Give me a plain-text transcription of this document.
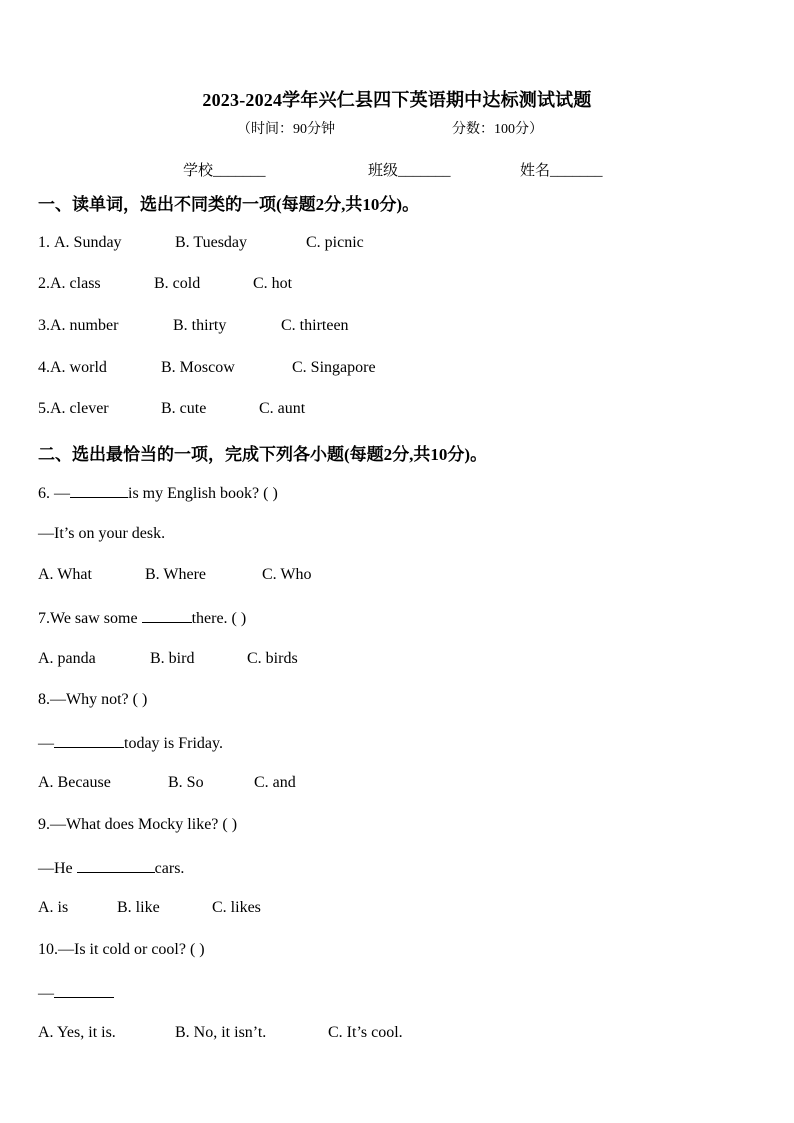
2023-2024学年兴仁县四下英语期中达标测试试题
（时间：90分钟	分数：100分）
学校_______	班级_______	姓名_______
一、读单词，选出不同类的一项(每题2分,共10分)。
1. A. Sunday	B. Tuesday	C. picnic
2.A. class	B. cold	C. hot
3.A. number	B. thirty	C. thirteen
4.A. world	B. Moscow	C. Singapore
5.A. clever	B. cute	C. aunt
二、选出最恰当的一项，完成下列各小题(每题2分,共10分)。
6. —	is my English book? ( )
—It’s on your desk.
A. What	B. Where	C. Who
7.We saw some	there. ( )
A. panda	B. bird	C. birds
8.—Why not? ( )
—	today is Friday.
A. Because	B. So	C. and
9.—What does Mocky like? ( )
—He	cars.
A. is	B. like	C. likes
10.—Is it cold or cool? ( )
—
A. Yes, it is.	B. No, it isn’t.	C. It’s cool.
